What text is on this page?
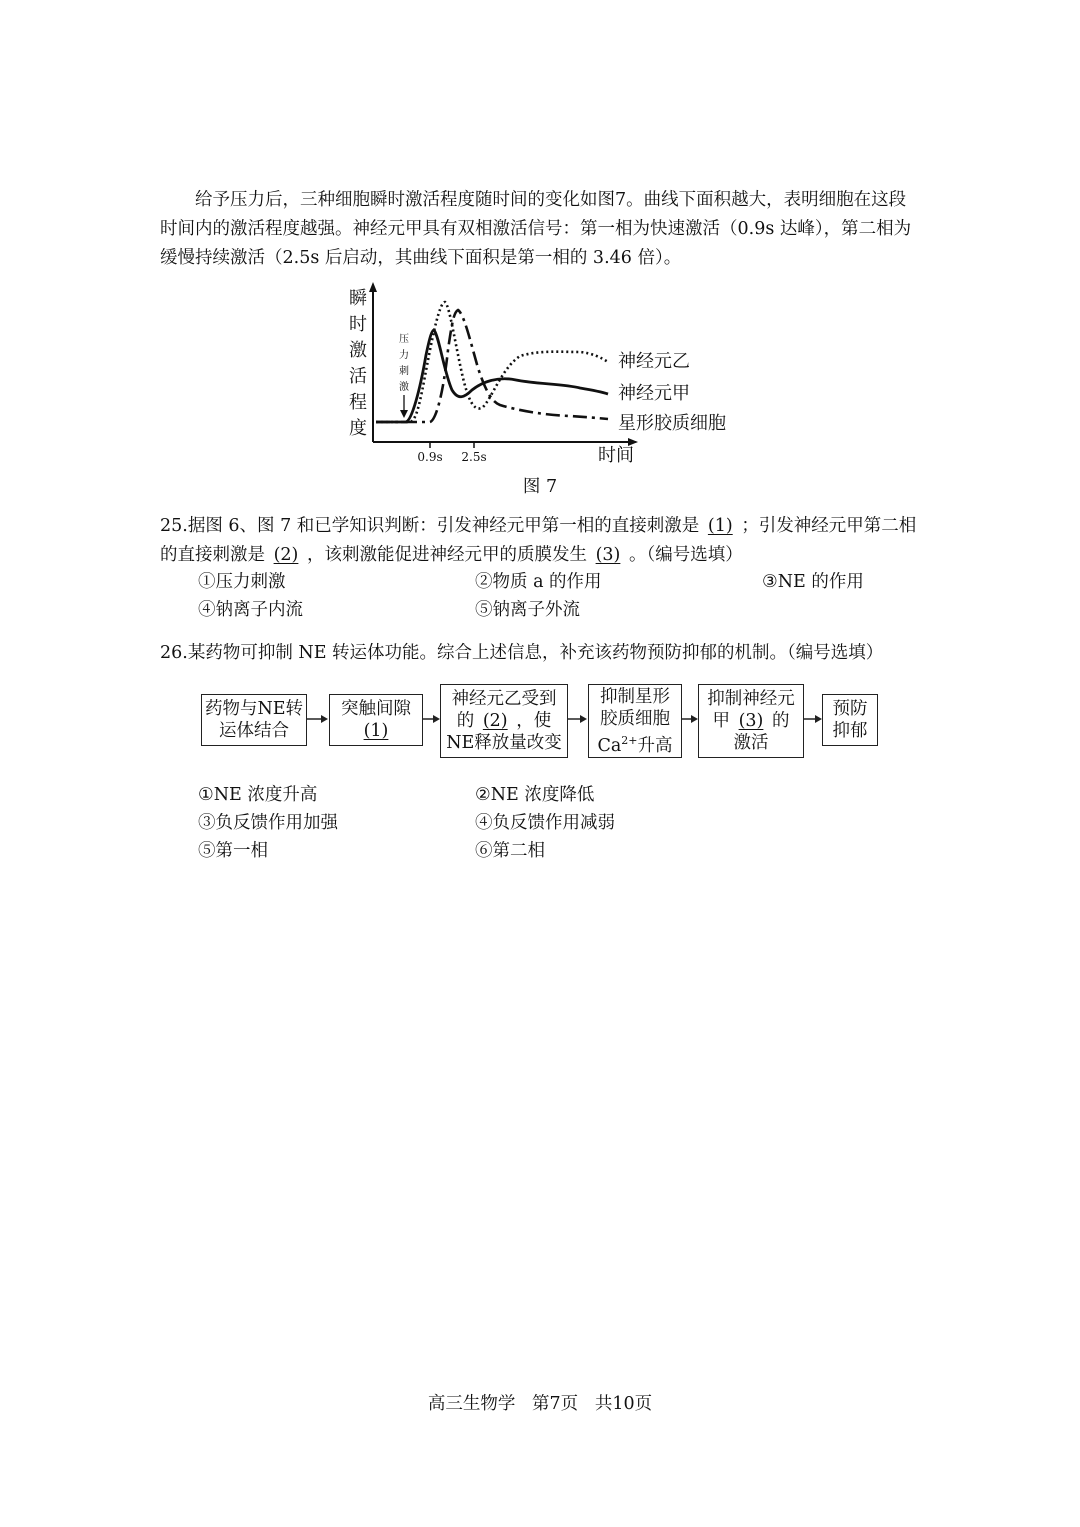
给予压力后，三种细胞瞬时激活程度随时间的变化如图7。曲线下面积越大，表明细胞在这段时间内的激活程度越强。神经元甲具有双相激活信号：第一相为快速激活（0.9s 达峰），第二相为缓慢持续激活（2.5s 后启动，其曲线下面积是第一相的 3.46 倍）。

瞬
时
激
活
程
度
0.9s 2.5s	时间
压
力
刺
激
神经元乙
神经元甲
星形胶质细胞
图 7

25.据图 6、图 7 和已学知识判断：引发神经元甲第一相的直接刺激是 (1) ；引发神经元甲第二相的直接刺激是 (2) ，该刺激能促进神经元甲的质膜发生 (3) 。（编号选填）

①压力刺激	②物质 a 的作用	③NE 的作用
④钠离子内流	⑤钠离子外流

26.某药物可抑制 NE 转运体功能。综合上述信息，补充该药物预防抑郁的机制。（编号选填）

药物与NE转
运体结合
突触间隙
(1)
神经元乙受到
的 (2) ，使
NE释放量改变
抑制星形
胶质细胞
$Ca^{2+}$升高
抑制神经元
甲 (3) 的
激活
预防
抑郁
①NE 浓度升高	②NE 浓度降低
③负反馈作用加强	④负反馈作用减弱
⑤第一相	⑥第二相
高三生物学 第7页 共10页
